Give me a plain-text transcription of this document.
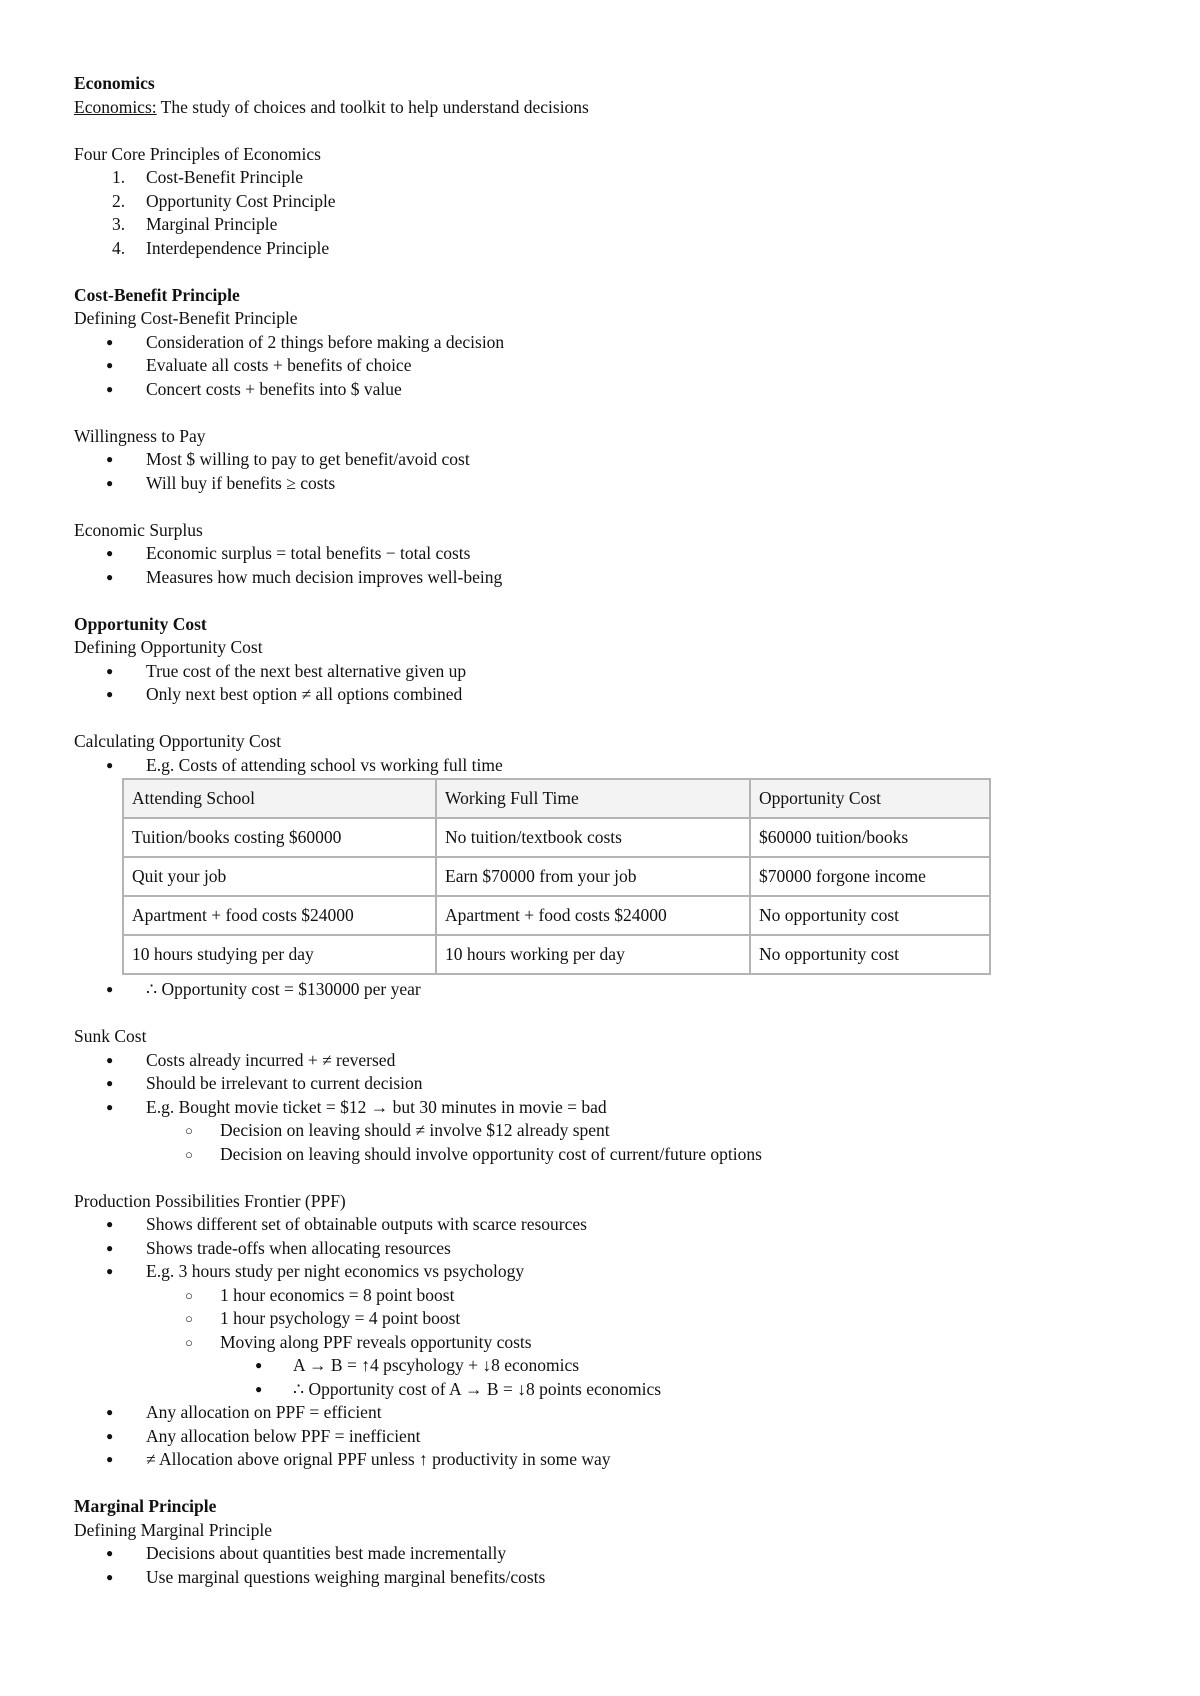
Economics
Economics: The study of choices and toolkit to help understand decisions
Four Core Principles of Economics
1. Cost-Benefit Principle
2. Opportunity Cost Principle
3. Marginal Principle
4. Interdependence Principle
Cost-Benefit Principle
Defining Cost-Benefit Principle
● Consideration of 2 things before making a decision
● Evaluate all costs + benefits of choice
● Concert costs + benefits into $ value
Willingness to Pay
● Most $ willing to pay to get benefit/avoid cost
● Will buy if benefits ≥ costs
Economic Surplus
● Economic surplus = total benefits − total costs
● Measures how much decision improves well-being
Opportunity Cost
Defining Opportunity Cost
● True cost of the next best alternative given up
● Only next best option ≠ all options combined
Calculating Opportunity Cost
● E.g. Costs of attending school vs working full time
Attending School	Working Full Time	Opportunity Cost
Tuition/books costing $60000	No tuition/textbook costs	$60000 tuition/books
Quit your job	Earn $70000 from your job	$70000 forgone income
Apartment + food costs $24000	Apartment + food costs $24000	No opportunity cost
10 hours studying per day	10 hours working per day	No opportunity cost
● ∴ Opportunity cost = $130000 per year
Sunk Cost
● Costs already incurred + ≠ reversed
● Should be irrelevant to current decision
● E.g. Bought movie ticket = $12 → but 30 minutes in movie = bad
○ Decision on leaving should ≠ involve $12 already spent
○ Decision on leaving should involve opportunity cost of current/future options
Production Possibilities Frontier (PPF)
● Shows different set of obtainable outputs with scarce resources
● Shows trade-offs when allocating resources
● E.g. 3 hours study per night economics vs psychology
○ 1 hour economics = 8 point boost
○ 1 hour psychology = 4 point boost
○ Moving along PPF reveals opportunity costs
● A → B = ↑4 pscyhology + ↓8 economics
● ∴ Opportunity cost of A → B = ↓8 points economics
● Any allocation on PPF = efficient
● Any allocation below PPF = inefficient
● ≠ Allocation above orignal PPF unless ↑ productivity in some way
Marginal Principle
Defining Marginal Principle
● Decisions about quantities best made incrementally
● Use marginal questions weighing marginal benefits/costs
